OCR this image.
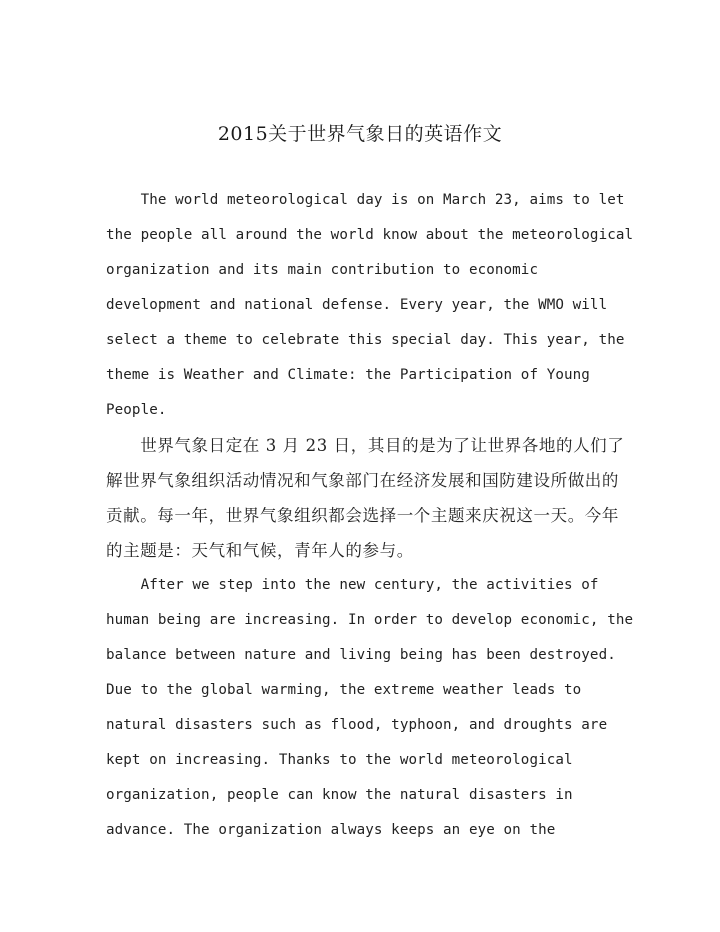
2015关于世界气象日的英语作文
The world meteorological day is on March 23, aims to let
the people all around the world know about the meteorological
organization and its main contribution to economic
development and national defense. Every year, the WMO will
select a theme to celebrate this special day. This year, the
theme is Weather and Climate: the Participation of Young
People.
　　世界气象日定在 3 月 23 日，其目的是为了让世界各地的人们了
解世界气象组织活动情况和气象部门在经济发展和国防建设所做出的
贡献。每一年，世界气象组织都会选择一个主题来庆祝这一天。今年
的主题是：天气和气候，青年人的参与。
After we step into the new century, the activities of
human being are increasing. In order to develop economic, the
balance between nature and living being has been destroyed.
Due to the global warming, the extreme weather leads to
natural disasters such as flood, typhoon, and droughts are
kept on increasing. Thanks to the world meteorological
organization, people can know the natural disasters in
advance. The organization always keeps an eye on the
